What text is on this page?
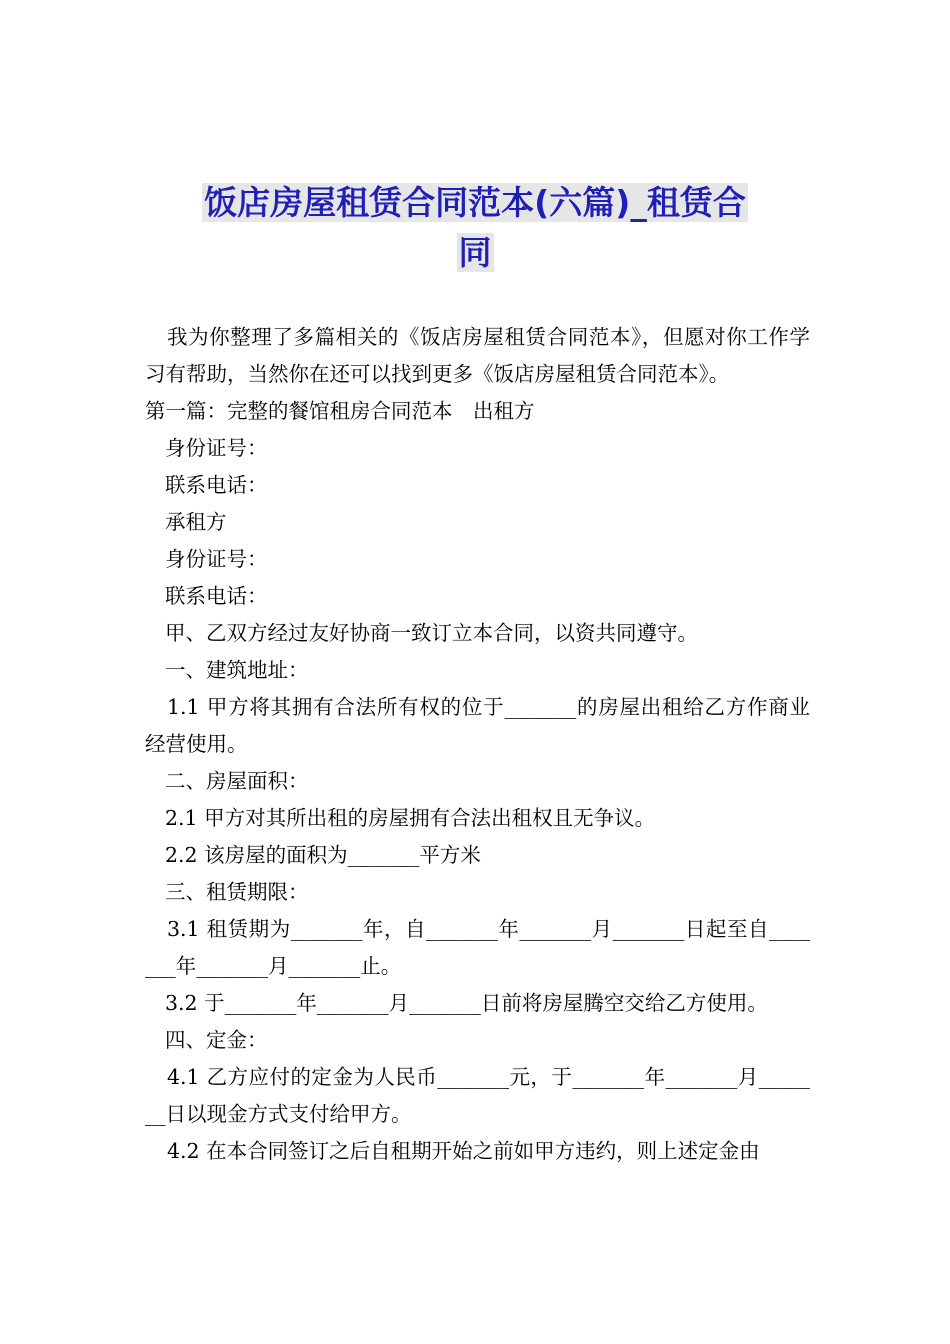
饭店房屋租赁合同范本(六篇)_租赁合
同

我为你整理了多篇相关的《饭店房屋租赁合同范本》，但愿对你工作学习有帮助，当然你在还可以找到更多《饭店房屋租赁合同范本》。

第一篇：完整的餐馆租房合同范本　出租方

身份证号：

联系电话：

承租方

身份证号：

联系电话：

甲、乙双方经过友好协商一致订立本合同，以资共同遵守。

一、建筑地址：

1.1 甲方将其拥有合法所有权的位于_______的房屋出租给乙方作商业经营使用。

二、房屋面积：

2.1 甲方对其所出租的房屋拥有合法出租权且无争议。

2.2 该房屋的面积为_______平方米

三、租赁期限：

3.1 租赁期为_______年，自_______年_______月_______日起至自_______年_______月_______止。

3.2 于_______年_______月_______日前将房屋腾空交给乙方使用。

四、定金：

4.1 乙方应付的定金为人民币_______元，于_______年_______月_______日以现金方式支付给甲方。

4.2 在本合同签订之后自租期开始之前如甲方违约，则上述定金由
